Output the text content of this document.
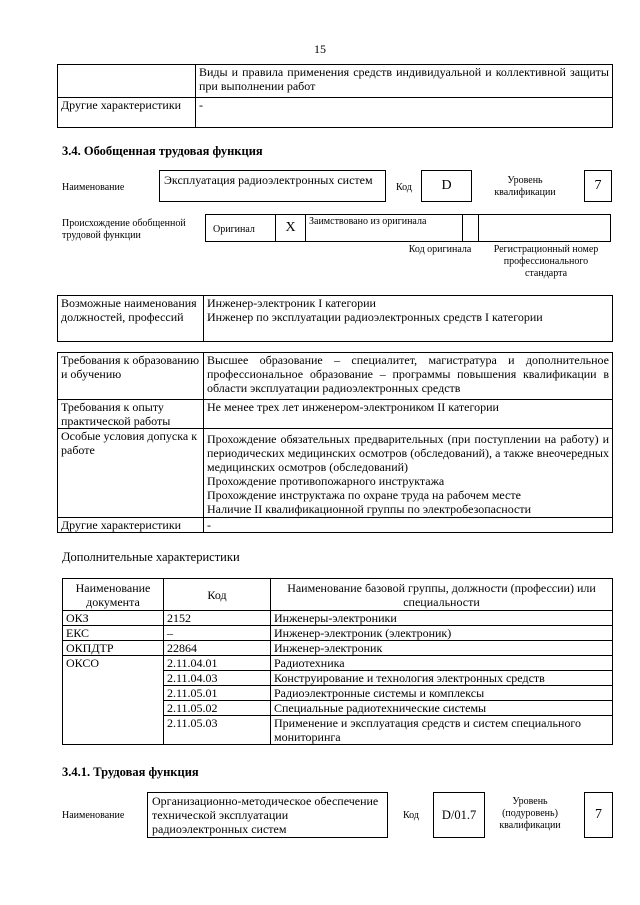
15
	Виды и правила применения средств индивидуальной и коллективной защиты при выполнении работ
Другие характеристики	-
3.4. Обобщенная трудовая функция
Наименование
Эксплуатация радиоэлектронных систем
Код	D	Уровень квалификации	7
Происхождение обобщенной трудовой функции
Оригинал	X	Заимствовано из оригинала
Код оригинала	Регистрационный номер профессионального стандарта
Возможные наименования должностей, профессий	
Инженер-электроник I категории
Инженер по эксплуатации радиоэлектронных средств I категории
Требования к образованию и обучению	Высшее образование – специалитет, магистратура и дополнительное профессиональное образование – программы повышения квалификации в области эксплуатации радиоэлектронных средств
Требования к опыту практической работы	Не менее трех лет инженером-электроником II категории
Особые условия допуска к работе	Прохождение обязательных предварительных (при поступлении на работу) и периодических медицинских осмотров (обследований), а также внеочередных медицинских осмотров (обследований)
Прохождение противопожарного инструктажа
Прохождение инструктажа по охране труда на рабочем месте
Наличие II квалификационной группы по электробезопасности

Другие характеристики	-
Дополнительные характеристики
Наименование документа	Код	Наименование базовой группы, должности (профессии) или специальности
ОКЗ	2152	Инженеры-электроники
ЕКС	–	Инженер-электроник (электроник)
ОКПДТР	22864	Инженер-электроник
ОКСО	2.11.04.01	Радиотехника
	2.11.04.03	Конструирование и технология электронных средств
	2.11.05.01	Радиоэлектронные системы и комплексы
	2.11.05.02	Специальные радиотехнические системы
	2.11.05.03	Применение и эксплуатация средств и систем специального мониторинга
3.4.1. Трудовая функция
Наименование
Организационно-методическое обеспечение технической эксплуатации радиоэлектронных систем
Код	D/01.7
Уровень (подуровень) квалификации
7
